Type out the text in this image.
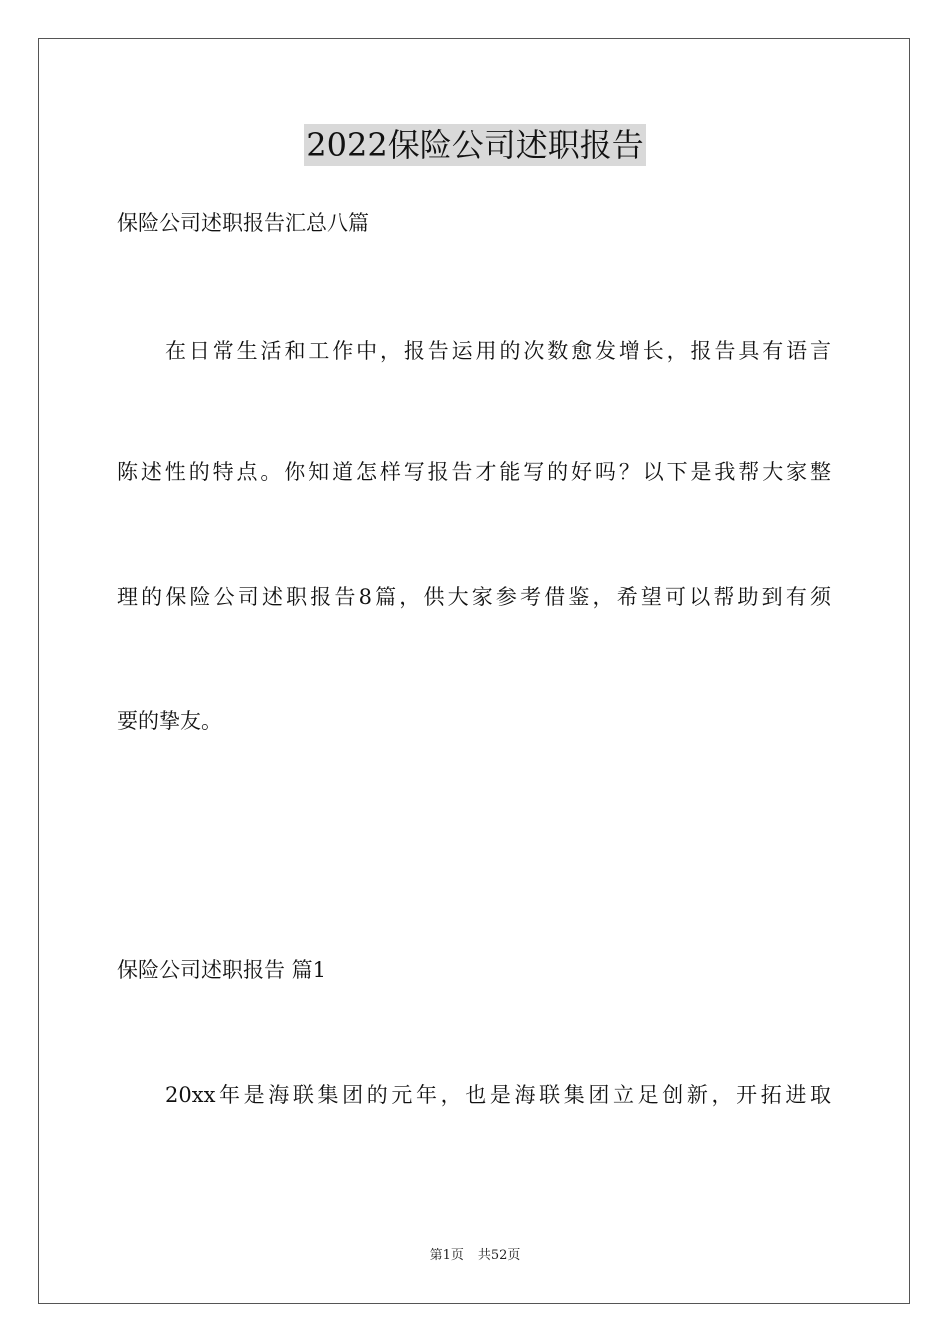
2022保险公司述职报告
保险公司述职报告汇总八篇
在日常生活和工作中，报告运用的次数愈发增长，报告具有语言
陈述性的特点。你知道怎样写报告才能写的好吗？以下是我帮大家整
理的保险公司述职报告8篇，供大家参考借鉴，希望可以帮助到有须
要的挚友。
保险公司述职报告 篇1
20xx年是海联集团的元年，也是海联集团立足创新，开拓进取
第1页 共52页
